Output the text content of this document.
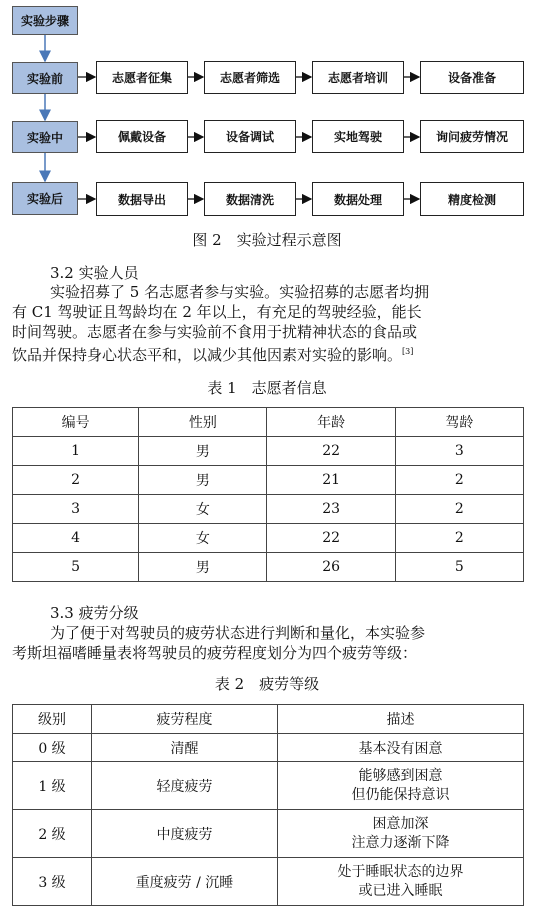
实验步骤
实验前	志愿者征集	志愿者筛选	志愿者培训	设备准备
实验中	佩戴设备	设备调试	实地驾驶	询问疲劳情况
实验后	数据导出	数据清洗	数据处理	精度检测
图 2　实验过程示意图
3.2 实验人员

实验招募了 5 名志愿者参与实验。实验招募的志愿者均拥

有 C1 驾驶证且驾龄均在 2 年以上，有充足的驾驶经验，能长

时间驾驶。志愿者在参与实验前不食用于扰精神状态的食品或

饮品并保持身心状态平和，以减少其他因素对实验的影响。[3]

表 1　志愿者信息
编号	性别	年龄	驾龄
1	男	22	3
2	男	21	2
3	女	23	2
4	女	22	2
5	男	26	5
3.3 疲劳分级

为了便于对驾驶员的疲劳状态进行判断和量化，本实验参

考斯坦福嗜睡量表将驾驶员的疲劳程度划分为四个疲劳等级：

表 2　疲劳等级
级别	疲劳程度	描述
0 级	清醒	基本没有困意
1 级	轻度疲劳	能够感到困意
但仍能保持意识

2 级	中度疲劳	困意加深
注意力逐渐下降

3 级	重度疲劳 / 沉睡	处于睡眠状态的边界
或已进入睡眠
